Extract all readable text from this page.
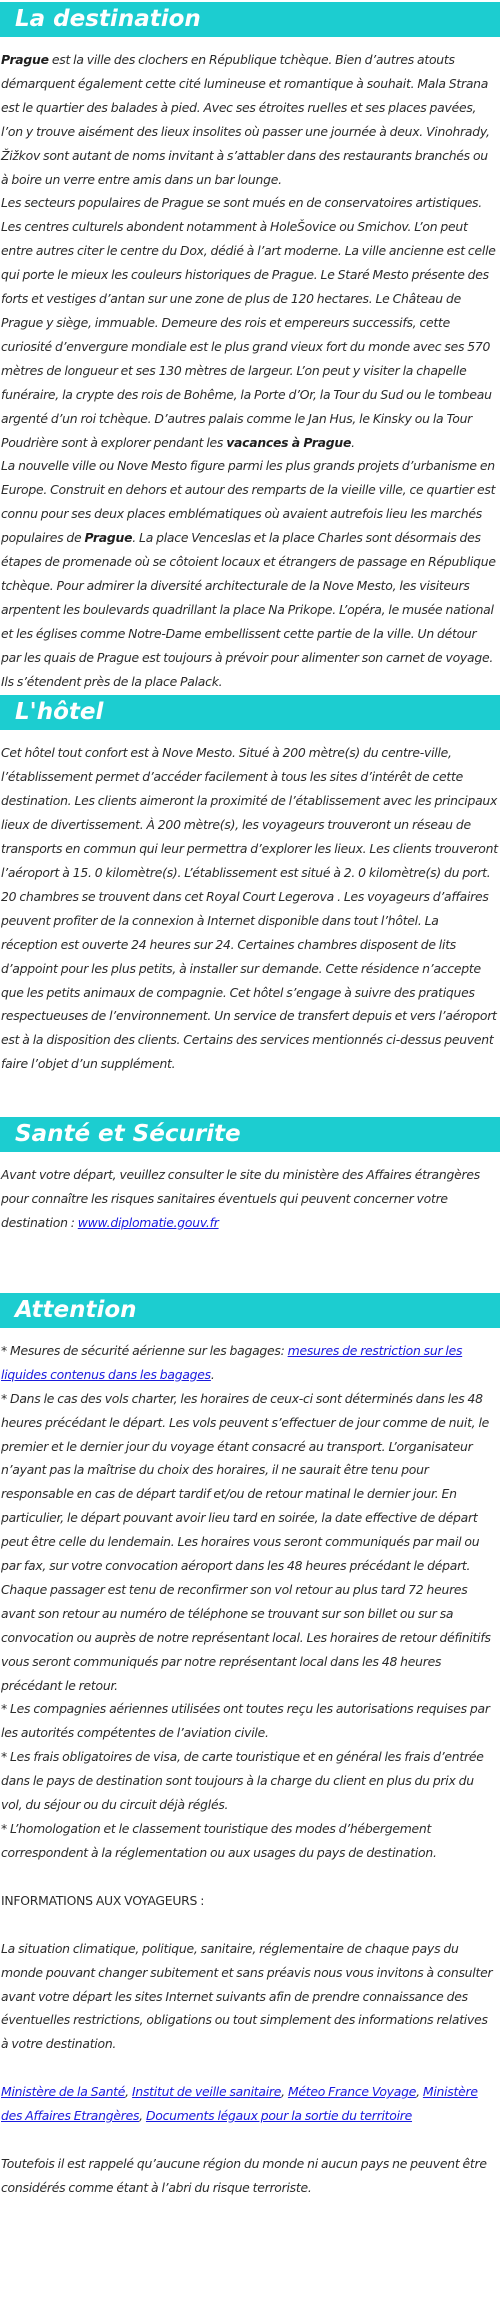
La destination

Prague est la ville des clochers en République tchèque. Bien d’autres atouts démarquent également cette cité lumineuse et romantique à souhait. Mala Strana est le quartier des balades à pied. Avec ses étroites ruelles et ses places pavées, l’on y trouve aisément des lieux insolites où passer une journée à deux. Vinohrady, Žižkov sont autant de noms invitant à s’attabler dans des restaurants branchés ou à boire un verre entre amis dans un bar lounge.
Les secteurs populaires de Prague se sont mués en de conservatoires artistiques. Les centres culturels abondent notamment à HoleŠovice ou Smichov. L’on peut entre autres citer le centre du Dox, dédié à l’art moderne. La ville ancienne est celle qui porte le mieux les couleurs historiques de Prague. Le Staré Mesto présente des forts et vestiges d’antan sur une zone de plus de 120 hectares. Le Château de Prague y siège, immuable. Demeure des rois et empereurs successifs, cette curiosité d’envergure mondiale est le plus grand vieux fort du monde avec ses 570 mètres de longueur et ses 130 mètres de largeur. L’on peut y visiter la chapelle funéraire, la crypte des rois de Bohême, la Porte d’Or, la Tour du Sud ou le tombeau argenté d’un roi tchèque. D’autres palais comme le Jan Hus, le Kinsky ou la Tour Poudrière sont à explorer pendant les vacances à Prague.
La nouvelle ville ou Nove Mesto figure parmi les plus grands projets d’urbanisme en Europe. Construit en dehors et autour des remparts de la vieille ville, ce quartier est connu pour ses deux places emblématiques où avaient autrefois lieu les marchés populaires de Prague. La place Venceslas et la place Charles sont désormais des étapes de promenade où se côtoient locaux et étrangers de passage en République tchèque. Pour admirer la diversité architecturale de la Nove Mesto, les visiteurs arpentent les boulevards quadrillant la place Na Prikope. L’opéra, le musée national et les églises comme Notre-Dame embellissent cette partie de la ville. Un détour par les quais de Prague est toujours à prévoir pour alimenter son carnet de voyage. Ils s’étendent près de la place Palack.

L'hôtel

Cet hôtel tout confort est à Nove Mesto. Situé à 200 mètre(s) du centre-ville, l’établissement permet d’accéder facilement à tous les sites d’intérêt de cette destination. Les clients aimeront la proximité de l’établissement avec les principaux lieux de divertissement. À 200 mètre(s), les voyageurs trouveront un réseau de transports en commun qui leur permettra d’explorer les lieux. Les clients trouveront l’aéroport à 15. 0 kilomètre(s). L’établissement est situé à 2. 0 kilomètre(s) du port. 20 chambres se trouvent dans cet Royal Court Legerova . Les voyageurs d’affaires peuvent profiter de la connexion à Internet disponible dans tout l’hôtel. La réception est ouverte 24 heures sur 24. Certaines chambres disposent de lits d’appoint pour les plus petits, à installer sur demande. Cette résidence n’accepte que les petits animaux de compagnie. Cet hôtel s’engage à suivre des pratiques respectueuses de l’environnement. Un service de transfert depuis et vers l’aéroport est à la disposition des clients. Certains des services mentionnés ci-dessus peuvent faire l’objet d’un supplément.

Santé et Sécurite

Avant votre départ, veuillez consulter le site du ministère des Affaires étrangères pour connaître les risques sanitaires éventuels qui peuvent concerner votre destination : www.diplomatie.gouv.fr

Attention

* Mesures de sécurité aérienne sur les bagages: mesures de restriction sur les liquides contenus dans les bagages.
* Dans le cas des vols charter, les horaires de ceux-ci sont déterminés dans les 48 heures précédant le départ. Les vols peuvent s’effectuer de jour comme de nuit, le premier et le dernier jour du voyage étant consacré au transport. L’organisateur n’ayant pas la maîtrise du choix des horaires, il ne saurait être tenu pour responsable en cas de départ tardif et/ou de retour matinal le dernier jour. En particulier, le départ pouvant avoir lieu tard en soirée, la date effective de départ peut être celle du lendemain. Les horaires vous seront communiqués par mail ou par fax, sur votre convocation aéroport dans les 48 heures précédant le départ. Chaque passager est tenu de reconfirmer son vol retour au plus tard 72 heures avant son retour au numéro de téléphone se trouvant sur son billet ou sur sa convocation ou auprès de notre représentant local. Les horaires de retour définitifs vous seront communiqués par notre représentant local dans les 48 heures précédant le retour.
* Les compagnies aériennes utilisées ont toutes reçu les autorisations requises par les autorités compétentes de l’aviation civile.
* Les frais obligatoires de visa, de carte touristique et en général les frais d’entrée dans le pays de destination sont toujours à la charge du client en plus du prix du vol, du séjour ou du circuit déjà réglés.
* L’homologation et le classement touristique des modes d’hébergement correspondent à la réglementation ou aux usages du pays de destination.

INFORMATIONS AUX VOYAGEURS :

La situation climatique, politique, sanitaire, réglementaire de chaque pays du monde pouvant changer subitement et sans préavis nous vous invitons à consulter avant votre départ les sites Internet suivants afin de prendre connaissance des éventuelles restrictions, obligations ou tout simplement des informations relatives à votre destination.

Ministère de la Santé, Institut de veille sanitaire, Méteo France Voyage, Ministère des Affaires Etrangères, Documents légaux pour la sortie du territoire

Toutefois il est rappelé qu’aucune région du monde ni aucun pays ne peuvent être considérés comme étant à l’abri du risque terroriste.
